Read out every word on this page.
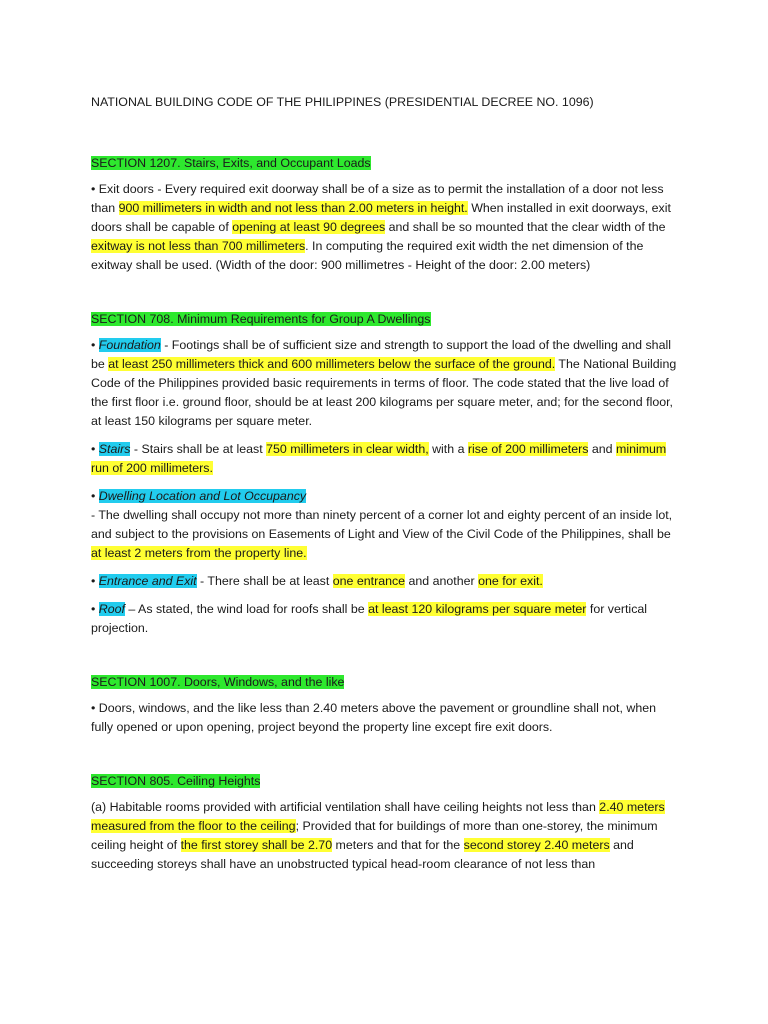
NATIONAL BUILDING CODE OF THE PHILIPPINES (PRESIDENTIAL DECREE NO. 1096)
SECTION 1207. Stairs, Exits, and Occupant Loads

• Exit doors - Every required exit doorway shall be of a size as to permit the installation of a door not less than 900 millimeters in width and not less than 2.00 meters in height. When installed in exit doorways, exit doors shall be capable of opening at least 90 degrees and shall be so mounted that the clear width of the exitway is not less than 700 millimeters. In computing the required exit width the net dimension of the exitway shall be used. (Width of the door: 900 millimetres - Height of the door: 2.00 meters)

SECTION 708. Minimum Requirements for Group A Dwellings

• Foundation - Footings shall be of sufficient size and strength to support the load of the dwelling and shall be at least 250 millimeters thick and 600 millimeters below the surface of the ground. The National Building Code of the Philippines provided basic requirements in terms of floor. The code stated that the live load of the first floor i.e. ground floor, should be at least 200 kilograms per square meter, and; for the second floor, at least 150 kilograms per square meter.

• Stairs - Stairs shall be at least 750 millimeters in clear width, with a rise of 200 millimeters and minimum run of 200 millimeters.

• Dwelling Location and Lot Occupancy
- The dwelling shall occupy not more than ninety percent of a corner lot and eighty percent of an inside lot, and subject to the provisions on Easements of Light and View of the Civil Code of the Philippines, shall be at least 2 meters from the property line.

• Entrance and Exit - There shall be at least one entrance and another one for exit.

• Roof – As stated, the wind load for roofs shall be at least 120 kilograms per square meter for vertical projection.

SECTION 1007. Doors, Windows, and the like

• Doors, windows, and the like less than 2.40 meters above the pavement or groundline shall not, when fully opened or upon opening, project beyond the property line except fire exit doors.

SECTION 805. Ceiling Heights

(a) Habitable rooms provided with artificial ventilation shall have ceiling heights not less than 2.40 meters measured from the floor to the ceiling; Provided that for buildings of more than one-storey, the minimum ceiling height of the first storey shall be 2.70 meters and that for the second storey 2.40 meters and succeeding storeys shall have an unobstructed typical head-room clearance of not less than
